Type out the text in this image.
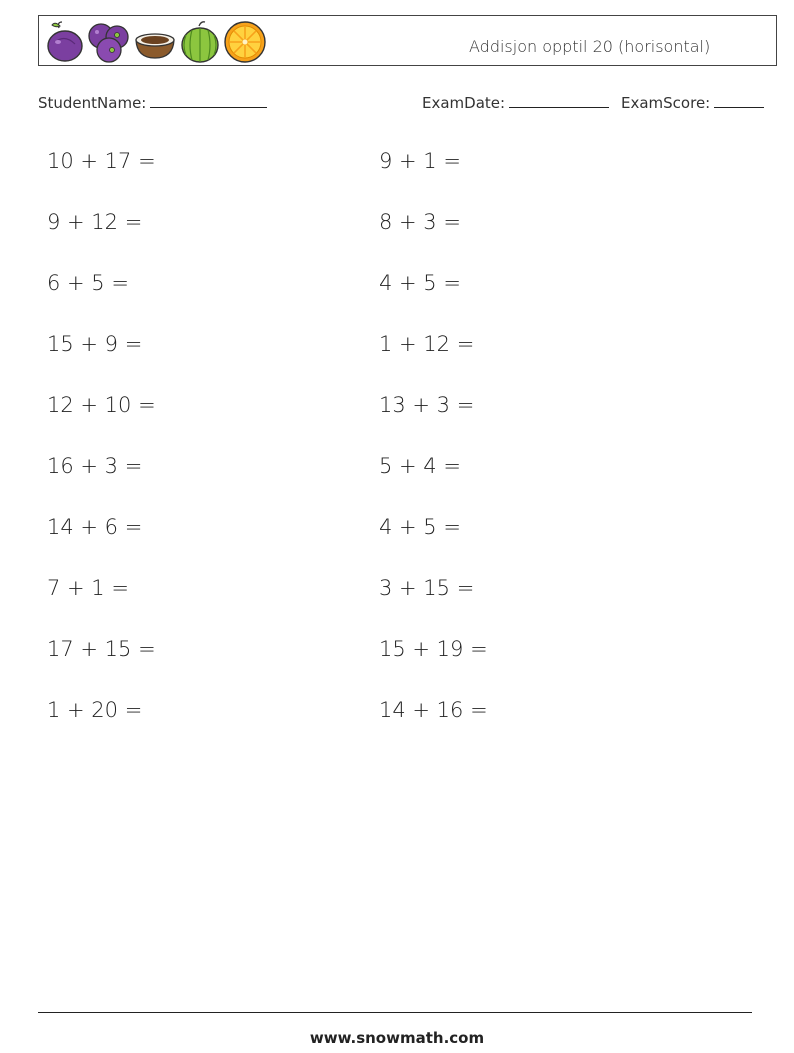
Addisjon opptil 20 (horisontal)
StudentName:	ExamDate:	ExamScore:
10 + 17 =
9 + 12 =
6 + 5 =
15 + 9 =
12 + 10 =
16 + 3 =
14 + 6 =
7 + 1 =
17 + 15 =
1 + 20 =
9 + 1 =
8 + 3 =
4 + 5 =
1 + 12 =
13 + 3 =
5 + 4 =
4 + 5 =
3 + 15 =
15 + 19 =
14 + 16 =
www.snowmath.com
